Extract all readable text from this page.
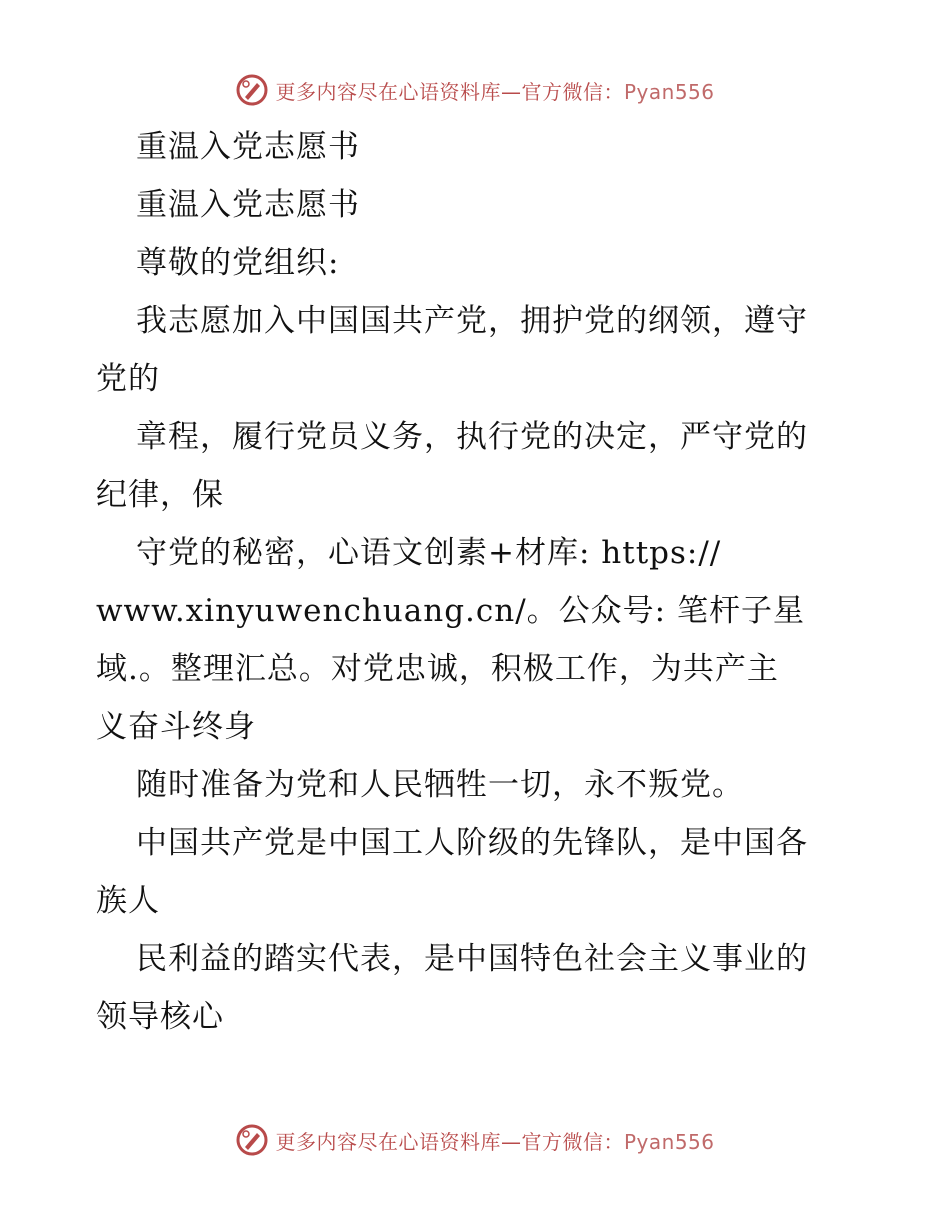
更多内容尽在心语资料库—官方微信：Pyan556
重温入党志愿书
重温入党志愿书
尊敬的党组织:
我志愿加入中国国共产党，拥护党的纲领，遵守
党的
章程，履行党员义务，执行党的决定，严守党的
纪律，保
守党的秘密，心语文创素+材库: https://
www.xinyuwenchuang.cn/。公众号: 笔杆子星
域.。整理汇总。对党忠诚，积极工作，为共产主
义奋斗终身
随时准备为党和人民牺牲一切，永不叛党。
中国共产党是中国工人阶级的先锋队，是中国各
族人
民利益的踏实代表，是中国特色社会主义事业的
领导核心
更多内容尽在心语资料库—官方微信：Pyan556
